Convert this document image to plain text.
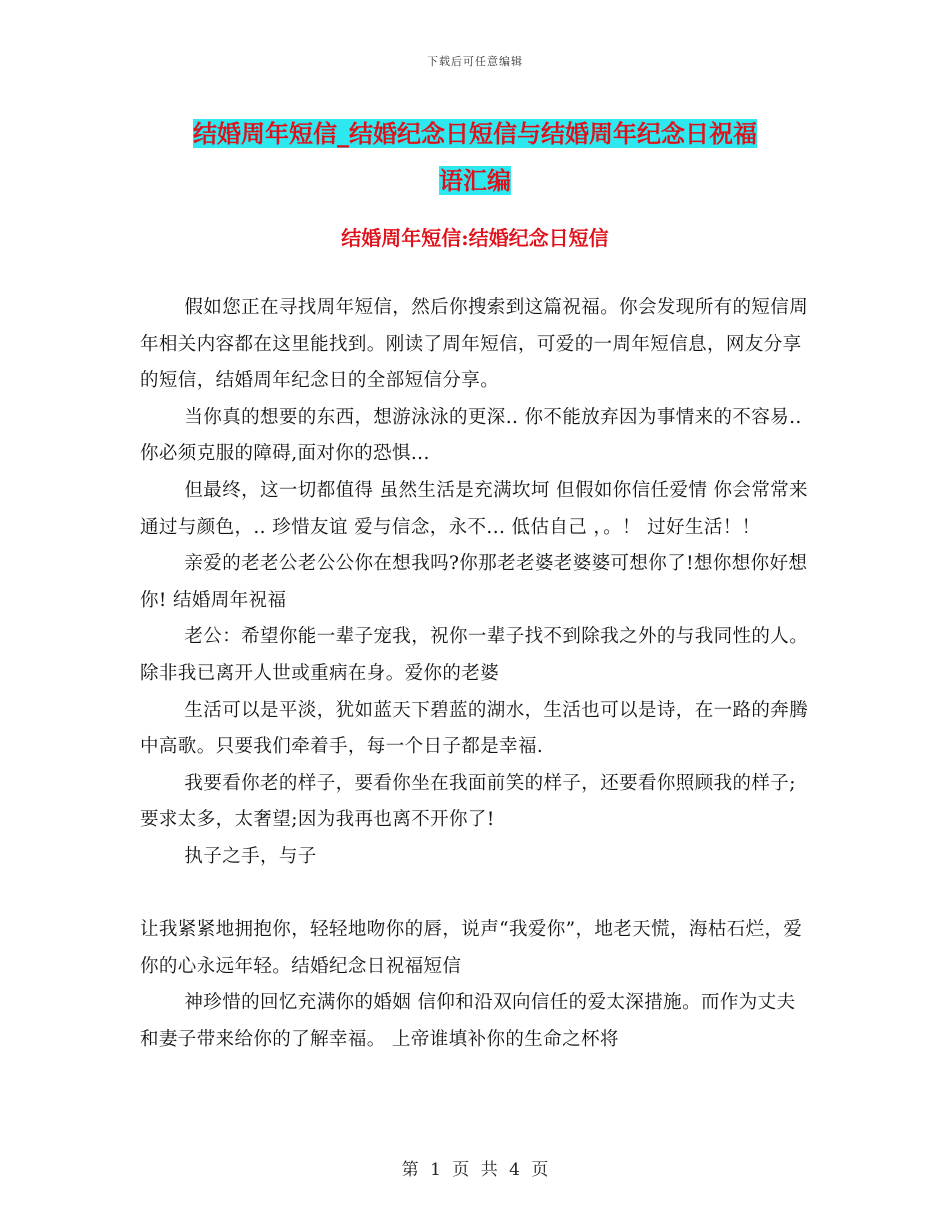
下载后可任意编辑
结婚周年短信_结婚纪念日短信与结婚周年纪念日祝福
语汇编
结婚周年短信:结婚纪念日短信

假如您正在寻找周年短信，然后你搜索到这篇祝福。你会发现所有的短信周年相关内容都在这里能找到。刚读了周年短信，可爱的一周年短信息，网友分享的短信，结婚周年纪念日的全部短信分享。

当你真的想要的东西，想游泳泳的更深.. 你不能放弃因为事情来的不容易.. 你必须克服的障碍,面对你的恐惧...

但最终，这一切都值得 虽然生活是充满坎坷 但假如你信任爱情 你会常常来通过与颜色，.. 珍惜友谊 爱与信念，永不... 低估自己 ，。！ 过好生活！！

亲爱的老老公老公公你在想我吗?你那老老婆老婆婆可想你了!想你想你好想你! 结婚周年祝福

老公：希望你能一辈子宠我，祝你一辈子找不到除我之外的与我同性的人。除非我已离开人世或重病在身。爱你的老婆

生活可以是平淡，犹如蓝天下碧蓝的湖水，生活也可以是诗，在一路的奔腾中高歌。只要我们牵着手，每一个日子都是幸福.

我要看你老的样子，要看你坐在我面前笑的样子，还要看你照顾我的样子;要求太多，太奢望;因为我再也离不开你了!

执子之手，与子

让我紧紧地拥抱你，轻轻地吻你的唇，说声“我爱你”，地老天慌，海枯石烂，爱你的心永远年轻。结婚纪念日祝福短信

神珍惜的回忆充满你的婚姻 信仰和沿双向信任的爱太深措施。而作为丈夫和妻子带来给你的了解幸福。 上帝谁填补你的生命之杯将

第 1 页 共 4 页
